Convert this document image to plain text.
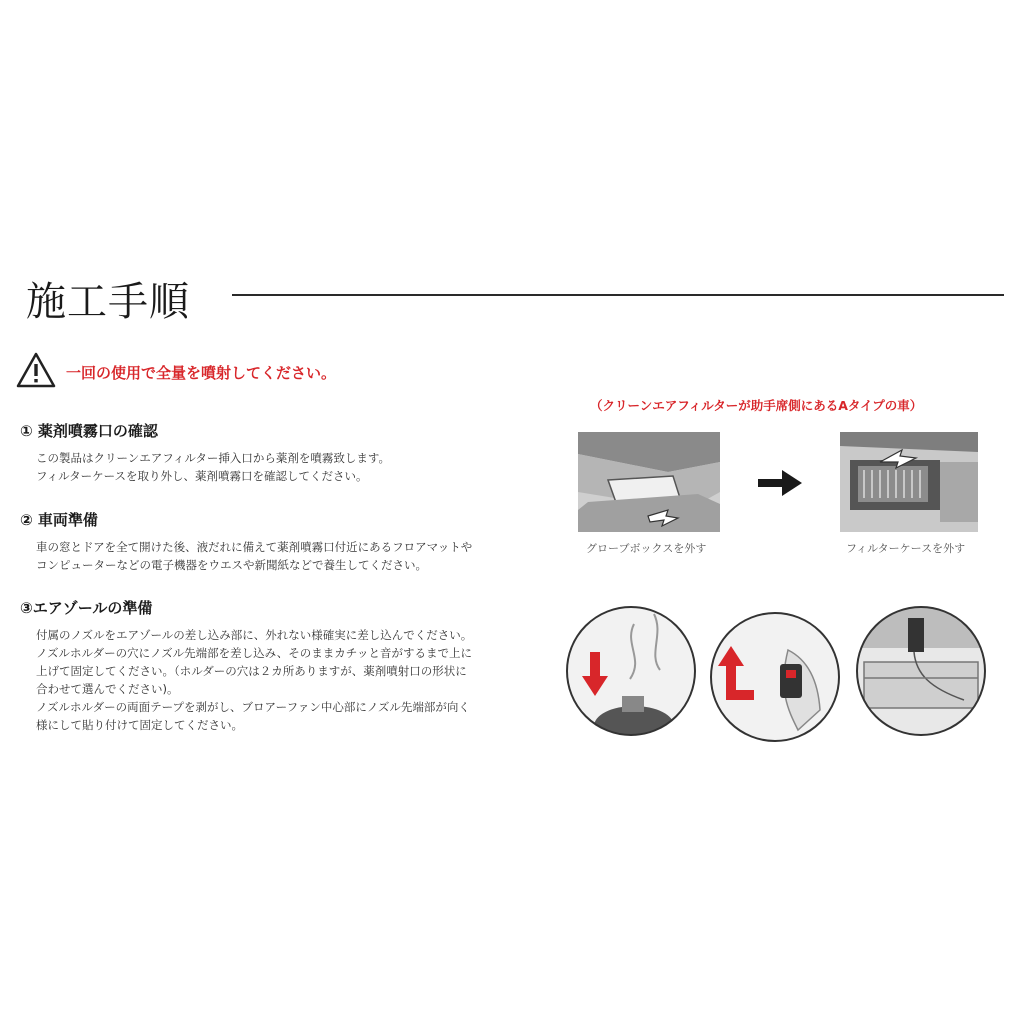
施工手順
一回の使用で全量を噴射してください。
① 薬剤噴霧口の確認
この製品はクリーンエアフィルター挿入口から薬剤を噴霧致します。
フィルターケースを取り外し、薬剤噴霧口を確認してください。
② 車両準備
車の窓とドアを全て開けた後、液だれに備えて薬剤噴霧口付近にあるフロアマットや
コンピューターなどの電子機器をウエスや新聞紙などで養生してください。
③エアゾールの準備
付属のノズルをエアゾールの差し込み部に、外れない様確実に差し込んでください。
ノズルホルダーの穴にノズル先端部を差し込み、そのままカチッと音がするまで上に
上げて固定してください。（ホルダーの穴は２カ所ありますが、薬剤噴射口の形状に
合わせて選んでください)。
ノズルホルダーの両面テープを剥がし、ブロアーファン中心部にノズル先端部が向く
様にして貼り付けて固定してください。
（クリーンエアフィルターが助手席側にあるAタイプの車）
グローブボックスを外す	フィルターケースを外す
